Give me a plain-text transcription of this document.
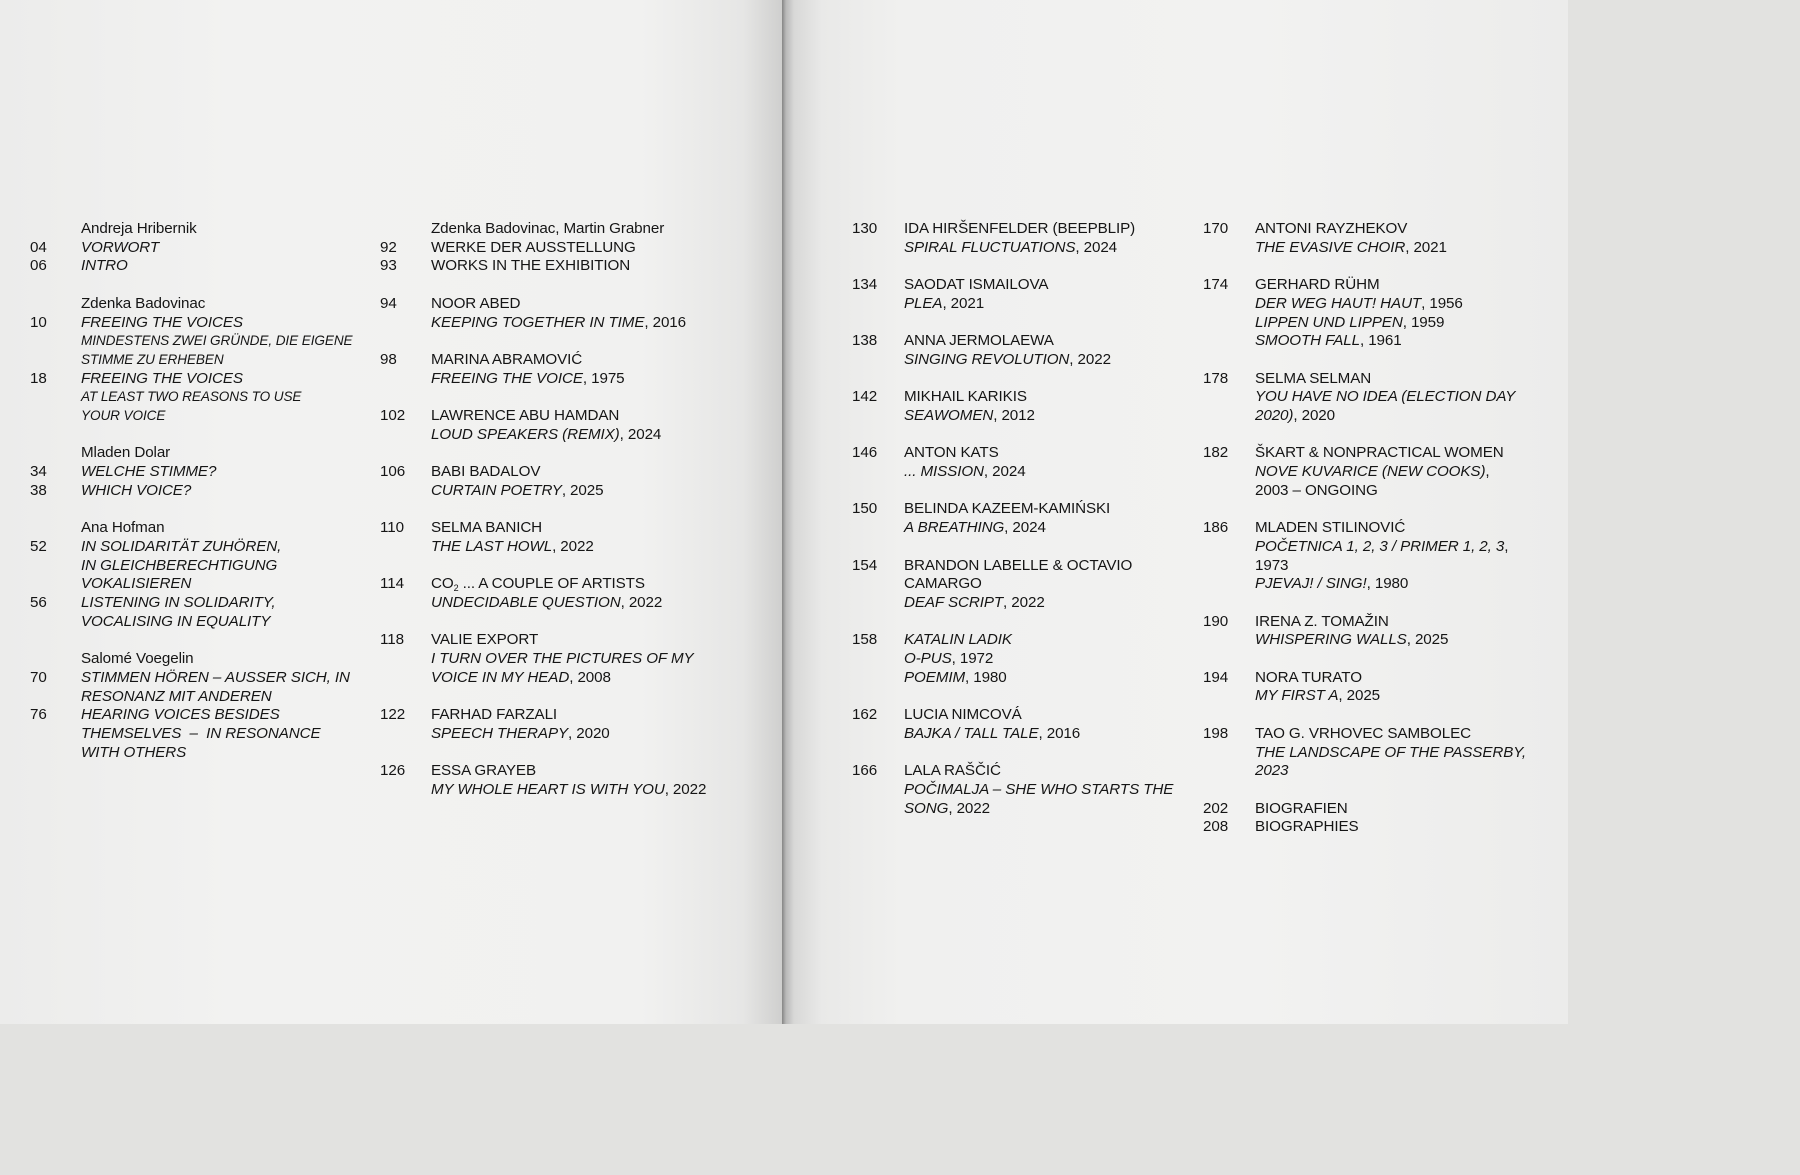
Andreja Hribernik
04	VORWORT
06	INTRO
Zdenka Badovinac
10	FREEING THE VOICES
MINDESTENS ZWEI GRÜNDE, DIE EIGENE
STIMME ZU ERHEBEN
18	FREEING THE VOICES
AT LEAST TWO REASONS TO USE
YOUR VOICE
Mladen Dolar
34	WELCHE STIMME?
38	WHICH VOICE?
Ana Hofman
52	IN SOLIDARITÄT ZUHÖREN,
IN GLEICHBERECHTIGUNG
VOKALISIEREN
56	LISTENING IN SOLIDARITY,
VOCALISING IN EQUALITY
Salomé Voegelin
70	STIMMEN HÖREN – AUSSER SICH, IN
RESONANZ MIT ANDEREN
76	HEARING VOICES BESIDES
THEMSELVES  –  IN RESONANCE
WITH OTHERS
Zdenka Badovinac, Martin Grabner
92	WERKE DER AUSSTELLUNG
93	WORKS IN THE EXHIBITION
94	NOOR ABED
KEEPING TOGETHER IN TIME, 2016
98	MARINA ABRAMOVIĆ
FREEING THE VOICE, 1975
102	LAWRENCE ABU HAMDAN
LOUD SPEAKERS (REMIX), 2024
106	BABI BADALOV
CURTAIN POETRY, 2025
110	SELMA BANICH
THE LAST HOWL, 2022
114	$CO_2$ ... A COUPLE OF ARTISTS
UNDECIDABLE QUESTION, 2022
118	VALIE EXPORT
I TURN OVER THE PICTURES OF MY
VOICE IN MY HEAD, 2008
122	FARHAD FARZALI
SPEECH THERAPY, 2020
126	ESSA GRAYEB
MY WHOLE HEART IS WITH YOU, 2022
130	IDA HIRŠENFELDER (BEEPBLIP)
SPIRAL FLUCTUATIONS, 2024
134	SAODAT ISMAILOVA
PLEA, 2021
138	ANNA JERMOLAEWA
SINGING REVOLUTION, 2022
142	MIKHAIL KARIKIS
SEAWOMEN, 2012
146	ANTON KATS
... MISSION, 2024
150	BELINDA KAZEEM-KAMIŃSKI
A BREATHING, 2024
154	BRANDON LABELLE & OCTAVIO
CAMARGO
DEAF SCRIPT, 2022
158	KATALIN LADIK
O-PUS, 1972
POEMIM, 1980
162	LUCIA NIMCOVÁ
BAJKA / TALL TALE, 2016
166	LALA RAŠČIĆ
POČIMALJA – SHE WHO STARTS THE
SONG, 2022
170	ANTONI RAYZHEKOV
THE EVASIVE CHOIR, 2021
174	GERHARD RÜHM
DER WEG HAUT! HAUT, 1956
LIPPEN UND LIPPEN, 1959
SMOOTH FALL, 1961
178	SELMA SELMAN
YOU HAVE NO IDEA (ELECTION DAY
2020), 2020
182	ŠKART & NONPRACTICAL WOMEN
NOVE KUVARICE (NEW COOKS),
2003 – ONGOING
186	MLADEN STILINOVIĆ
POČETNICA 1, 2, 3 / PRIMER 1, 2, 3, 1973
PJEVAJ! / SING!, 1980
190	IRENA Z. TOMAŽIN
WHISPERING WALLS, 2025
194	NORA TURATO
MY FIRST A, 2025
198	TAO G. VRHOVEC SAMBOLEC
THE LANDSCAPE OF THE PASSERBY,
2023
202	BIOGRAFIEN
208	BIOGRAPHIES
